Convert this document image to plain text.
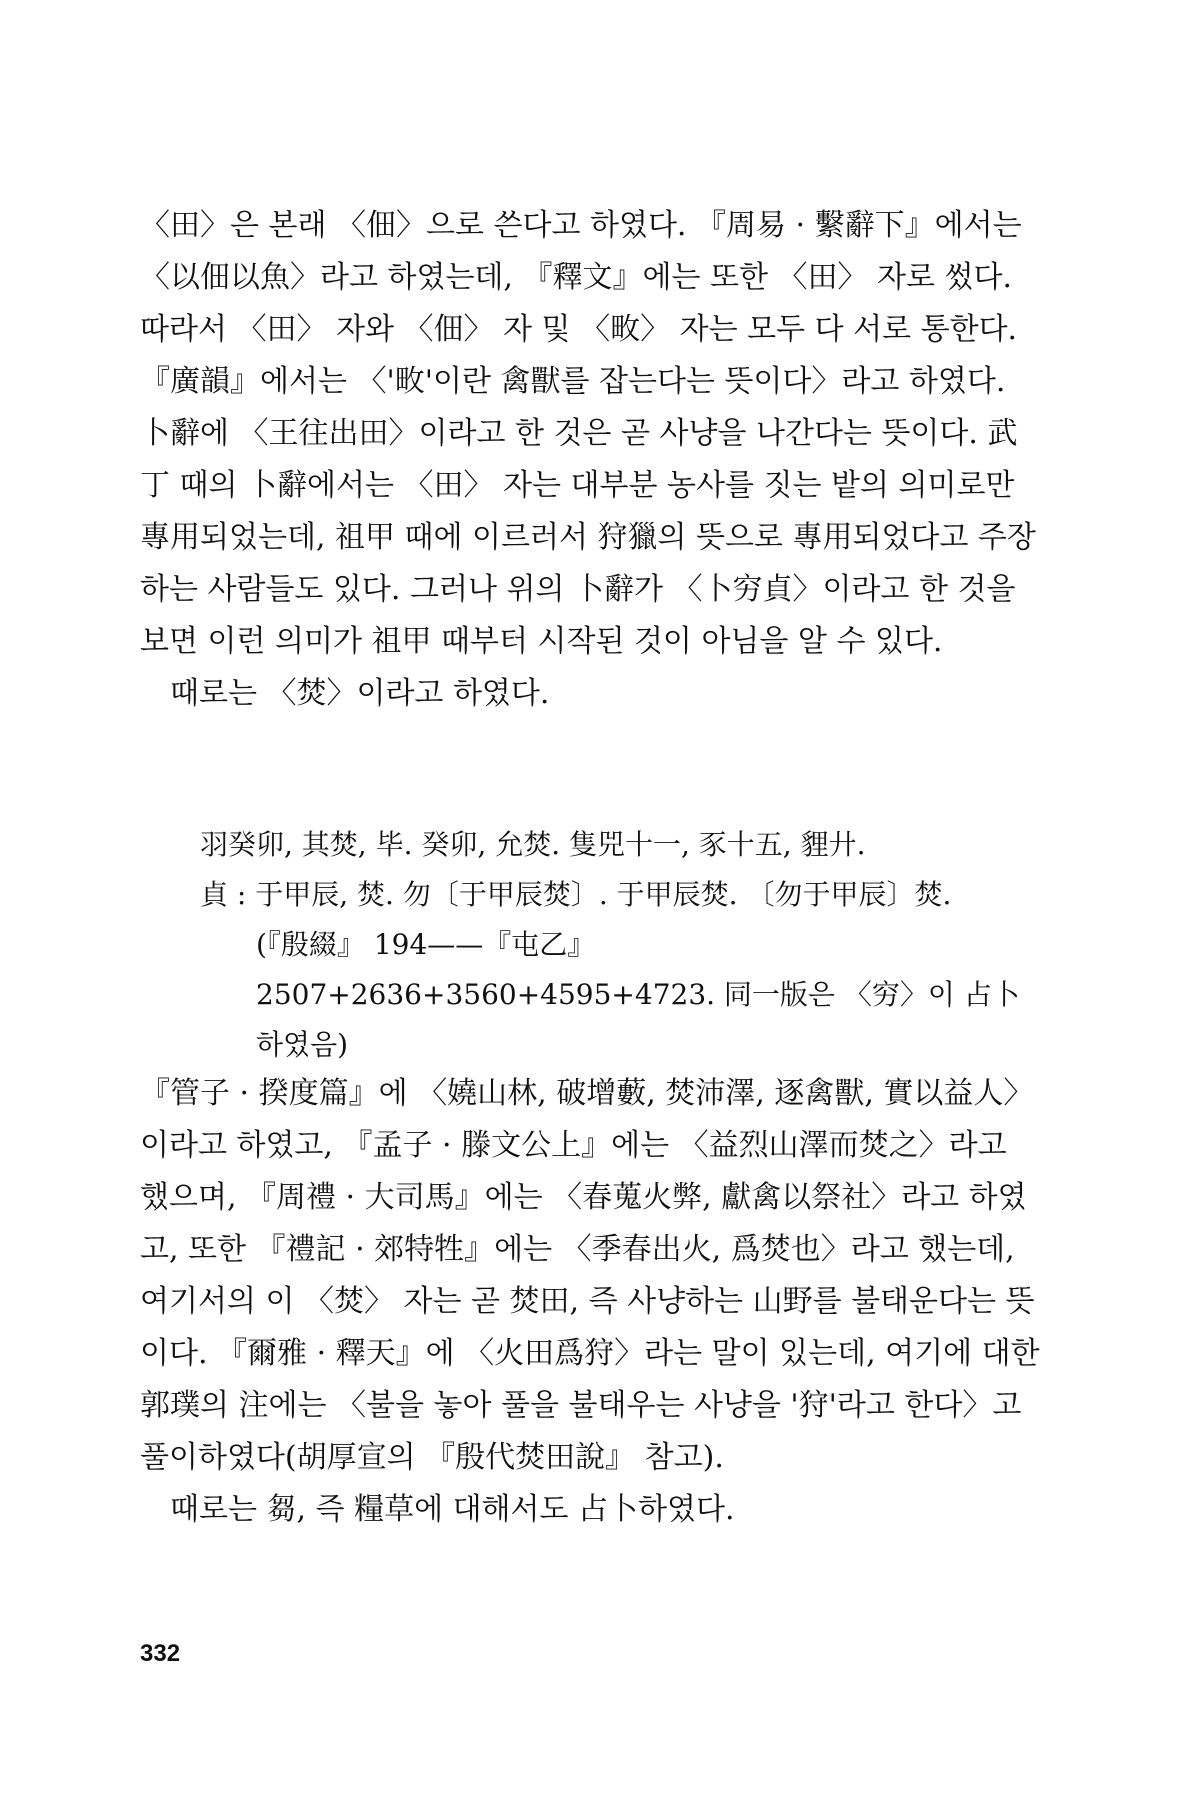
〈田〉은 본래 〈佃〉으로 쓴다고 하였다. 『周易 · 繫辭下』에서는 〈以佃以魚〉라고 하였는데, 『釋文』에는 또한 〈田〉 자로 썼다. 따라서 〈田〉 자와 〈佃〉 자 및 〈畋〉 자는 모두 다 서로 통한다. 『廣韻』에서는 〈'畋'이란 禽獸를 잡는다는 뜻이다〉라고 하였다. 卜辭에 〈王往出田〉이라고 한 것은 곧 사냥을 나간다는 뜻이다. 武丁 때의 卜辭에서는 〈田〉 자는 대부분 농사를 짓는 밭의 의미로만 專用되었는데, 祖甲 때에 이르러서 狩獵의 뜻으로 專用되었다고 주장하는 사람들도 있다. 그러나 위의 卜辭가 〈卜穷貞〉이라고 한 것을 보면 이런 의미가 祖甲 때부터 시작된 것이 아님을 알 수 있다.

때로는 〈焚〉이라고 하였다.

羽癸卯, 其焚, 毕. 癸卯, 允焚. 隻兕十一, 豕十五, 貍廾.

貞 : 于甲辰, 焚. 勿〔于甲辰焚〕. 于甲辰焚. 〔勿于甲辰〕焚.

(『殷綴』 194——『屯乙』 2507+2636+3560+4595+4723. 同一版은 〈穷〉이 占卜하였음)

『管子 · 揆度篇』에 〈嬈山林, 破增藪, 焚沛澤, 逐禽獸, 實以益人〉이라고 하였고, 『孟子 · 滕文公上』에는 〈益烈山澤而焚之〉라고 했으며, 『周禮 · 大司馬』에는 〈春蒐火弊, 獻禽以祭社〉라고 하였고, 또한 『禮記 · 郊特牲』에는 〈季春出火, 爲焚也〉라고 했는데, 여기서의 이 〈焚〉 자는 곧 焚田, 즉 사냥하는 山野를 불태운다는 뜻이다. 『爾雅 · 釋天』에 〈火田爲狩〉라는 말이 있는데, 여기에 대한 郭璞의 注에는 〈불을 놓아 풀을 불태우는 사냥을 '狩'라고 한다〉고 풀이하였다(胡厚宣의 『殷代焚田說』 참고).

때로는 芻, 즉 糧草에 대해서도 占卜하였다.

332
